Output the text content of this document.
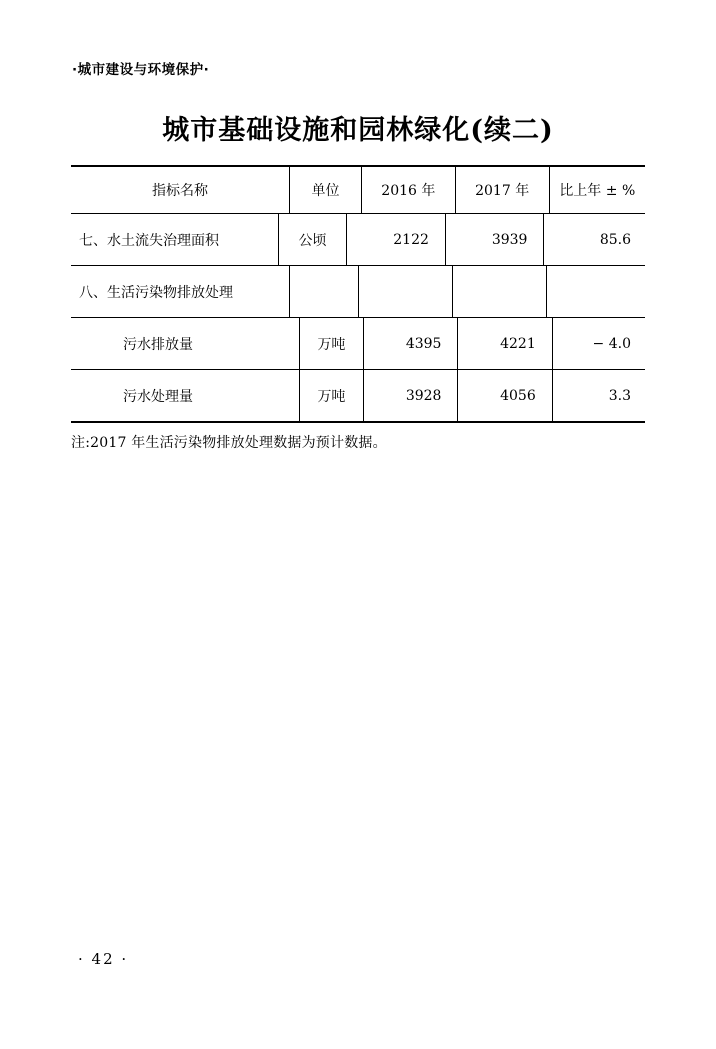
·城市建设与环境保护·
城市基础设施和园林绿化(续二)
指标名称	单位	2016 年	2017 年	比上年 ± %
七、水土流失治理面积	公顷	2122	3939	85.6
八、生活污染物排放处理				
污水排放量	万吨	4395	4221	− 4.0
污水处理量	万吨	3928	4056	3.3
注:2017 年生活污染物排放处理数据为预计数据。
· 42 ·
